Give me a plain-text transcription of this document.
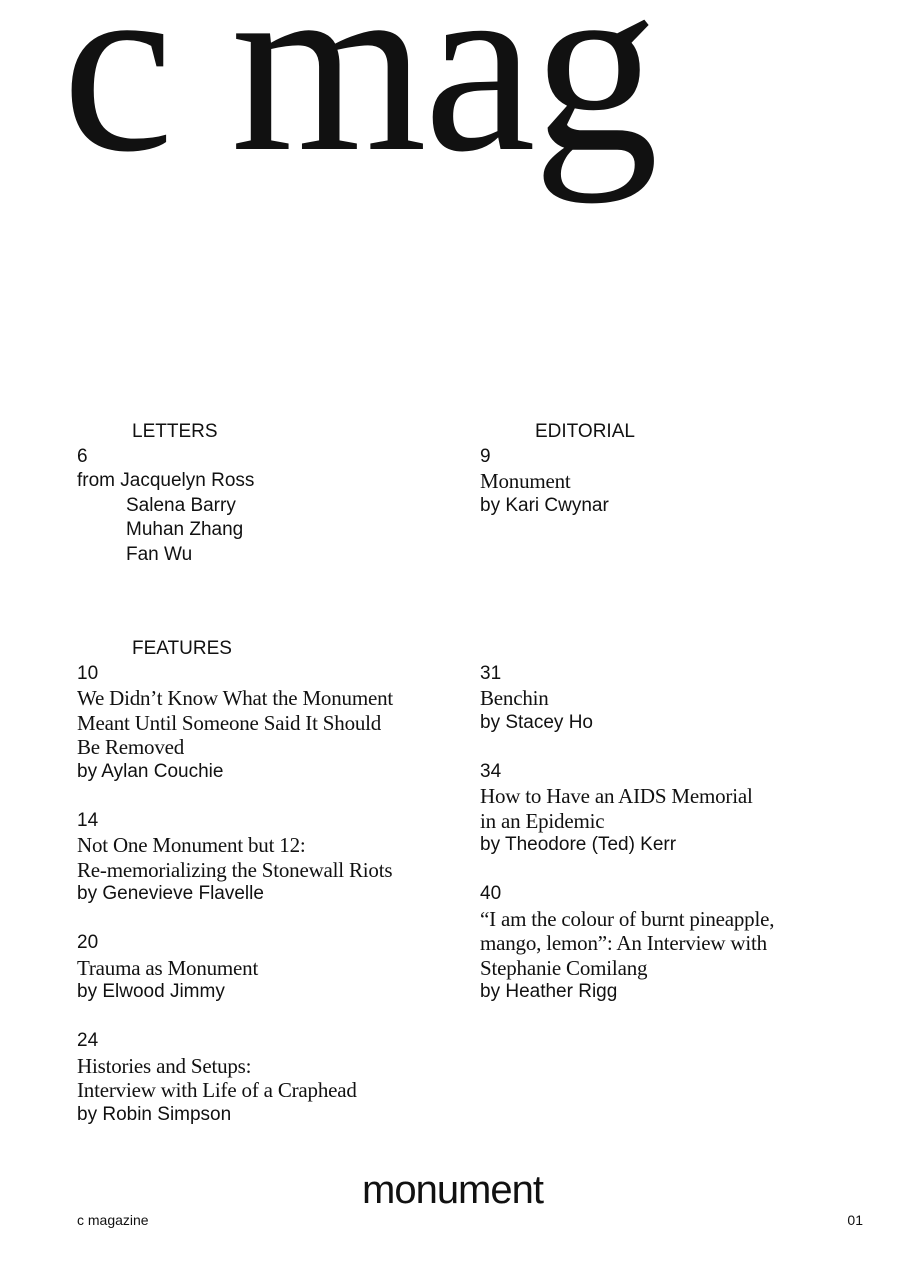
c mag
LETTERS
6
from Jacquelyn Ross
Salena Barry
Muhan Zhang
Fan Wu
EDITORIAL
9
Monument
by Kari Cwynar
FEATURES
10
We Didn’t Know What the Monument
Meant Until Someone Said It Should
Be Removed
by Aylan Couchie
14
Not One Monument but 12:
Re-memorializing the Stonewall Riots
by Genevieve Flavelle
20
Trauma as Monument
by Elwood Jimmy
24
Histories and Setups:
Interview with Life of a Craphead
by Robin Simpson
31
Benchin
by Stacey Ho
34
How to Have an AIDS Memorial
in an Epidemic
by Theodore (Ted) Kerr
40
“I am the colour of burnt pineapple,
mango, lemon”: An Interview with
Stephanie Comilang
by Heather Rigg
monument
c magazine	01
